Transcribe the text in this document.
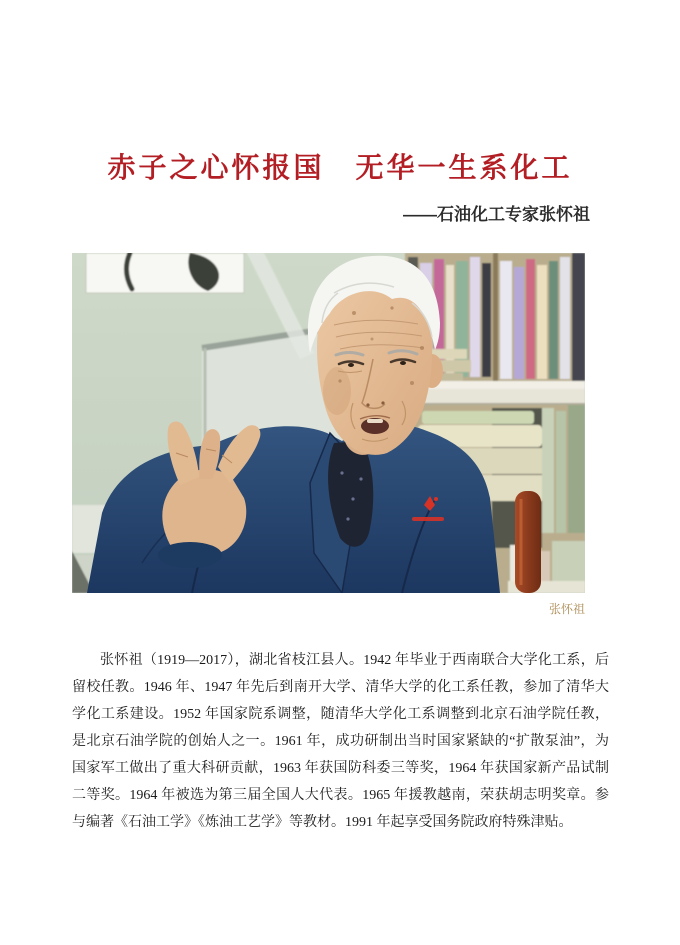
赤子之心怀报国　无华一生系化工
——石油化工专家张怀祖
张怀祖
张怀祖（1919—2017），湖北省枝江县人。1942 年毕业于西南联合大学化工系，后
留校任教。1946 年、1947 年先后到南开大学、清华大学的化工系任教，参加了清华大
学化工系建设。1952 年国家院系调整，随清华大学化工系调整到北京石油学院任教，
是北京石油学院的创始人之一。1961 年，成功研制出当时国家紧缺的“扩散泵油”，为
国家军工做出了重大科研贡献，1963 年获国防科委三等奖，1964 年获国家新产品试制
二等奖。1964 年被选为第三届全国人大代表。1965 年援教越南，荣获胡志明奖章。参
与编著《石油工学》《炼油工艺学》等教材。1991 年起享受国务院政府特殊津贴。
